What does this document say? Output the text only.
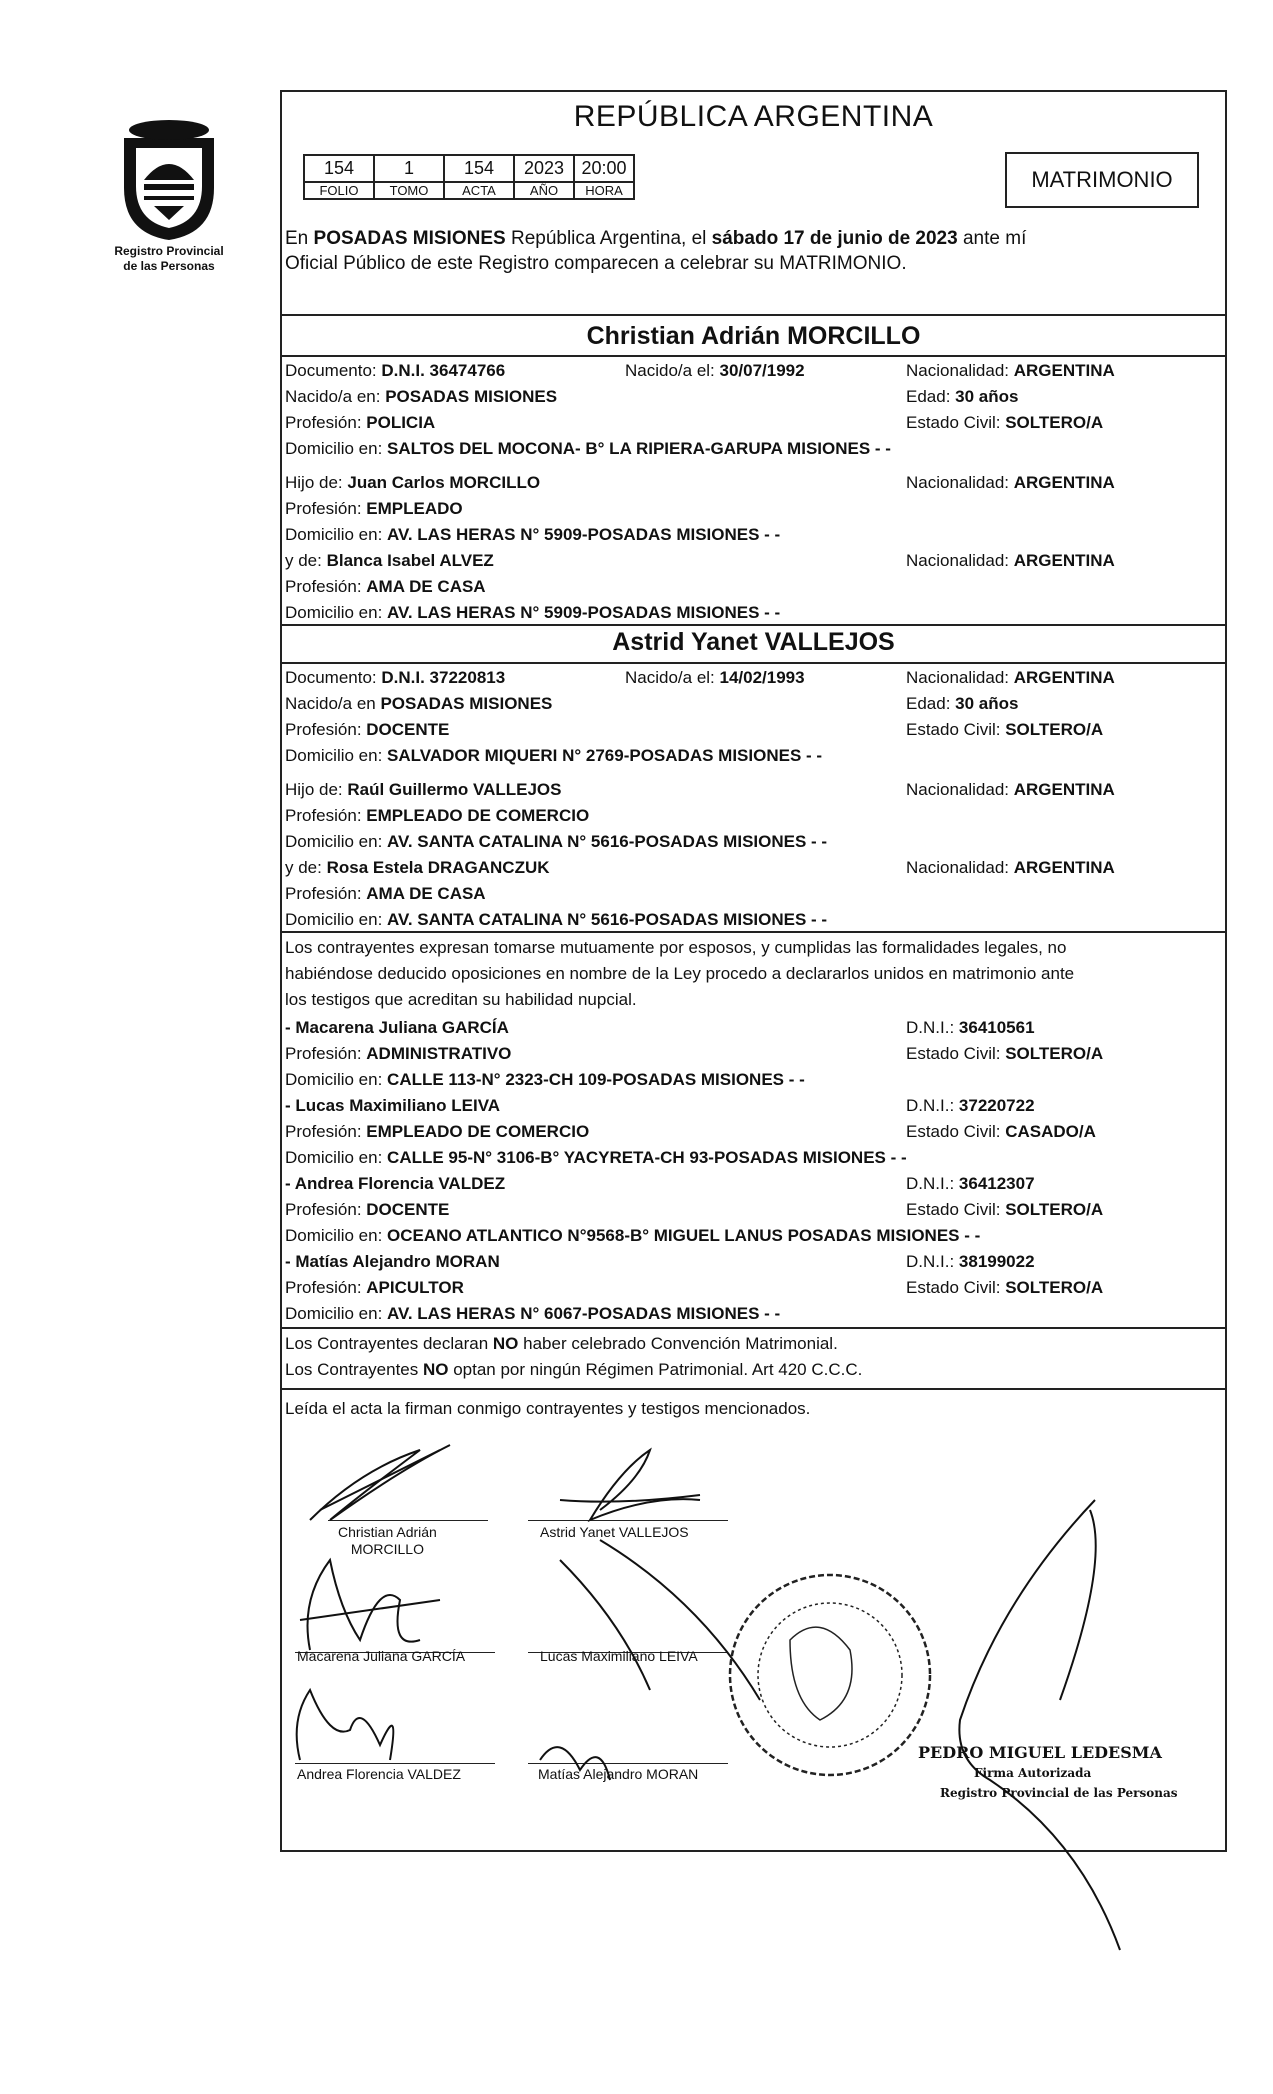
Registro Provincial
de las Personas
REPÚBLICA ARGENTINA
154	1	154	2023	20:00
FOLIO	TOMO	ACTA	AÑO	HORA	MATRIMONIO
En POSADAS MISIONES República Argentina, el sábado 17 de junio de 2023 ante mí
Oficial Público de este Registro comparecen a celebrar su MATRIMONIO.
Christian Adrián MORCILLO
Documento: D.N.I. 36474766	Nacido/a el: 30/07/1992	Nacionalidad: ARGENTINA
Nacido/a en: POSADAS MISIONES	Edad: 30 años
Profesión: POLICIA	Estado Civil: SOLTERO/A
Domicilio en: SALTOS DEL MOCONA- B° LA RIPIERA-GARUPA MISIONES - -
Hijo de: Juan Carlos MORCILLO	Nacionalidad: ARGENTINA
Profesión: EMPLEADO
Domicilio en: AV. LAS HERAS N° 5909-POSADAS MISIONES - -
y de: Blanca Isabel ALVEZ	Nacionalidad: ARGENTINA
Profesión: AMA DE CASA
Domicilio en: AV. LAS HERAS N° 5909-POSADAS MISIONES - -
Astrid Yanet VALLEJOS
Documento: D.N.I. 37220813	Nacido/a el: 14/02/1993	Nacionalidad: ARGENTINA
Nacido/a en POSADAS MISIONES	Edad: 30 años
Profesión: DOCENTE	Estado Civil: SOLTERO/A
Domicilio en: SALVADOR MIQUERI N° 2769-POSADAS MISIONES - -
Hijo de: Raúl Guillermo VALLEJOS	Nacionalidad: ARGENTINA
Profesión: EMPLEADO DE COMERCIO
Domicilio en: AV. SANTA CATALINA N° 5616-POSADAS MISIONES - -
y de: Rosa Estela DRAGANCZUK	Nacionalidad: ARGENTINA
Profesión: AMA DE CASA
Domicilio en: AV. SANTA CATALINA N° 5616-POSADAS MISIONES - -
Los contrayentes expresan tomarse mutuamente por esposos, y cumplidas las formalidades legales, no
habiéndose deducido oposiciones en nombre de la Ley procedo a declararlos unidos en matrimonio ante
los testigos que acreditan su habilidad nupcial.
- Macarena Juliana GARCÍA	D.N.I.: 36410561
Profesión: ADMINISTRATIVO	Estado Civil: SOLTERO/A
Domicilio en: CALLE 113-N° 2323-CH 109-POSADAS MISIONES - -
- Lucas Maximiliano LEIVA	D.N.I.: 37220722
Profesión: EMPLEADO DE COMERCIO	Estado Civil: CASADO/A
Domicilio en: CALLE 95-N° 3106-B° YACYRETA-CH 93-POSADAS MISIONES - -
- Andrea Florencia VALDEZ	D.N.I.: 36412307
Profesión: DOCENTE	Estado Civil: SOLTERO/A
Domicilio en: OCEANO ATLANTICO N°9568-B° MIGUEL LANUS POSADAS MISIONES - -
- Matías Alejandro MORAN	D.N.I.: 38199022
Profesión: APICULTOR	Estado Civil: SOLTERO/A
Domicilio en: AV. LAS HERAS N° 6067-POSADAS MISIONES - -
Los Contrayentes declaran NO haber celebrado Convención Matrimonial.
Los Contrayentes NO optan por ningún Régimen Patrimonial. Art 420 C.C.C.
Leída el acta la firman conmigo contrayentes y testigos mencionados.
Christian Adrián
MORCILLO
Astrid Yanet VALLEJOS
Macarena Juliana GARCÍA	Lucas Maximiliano LEIVA
Andrea Florencia VALDEZ	Matías Alejandro MORAN
PEDRO MIGUEL LEDESMA
Firma Autorizada
Registro Provincial de las Personas
